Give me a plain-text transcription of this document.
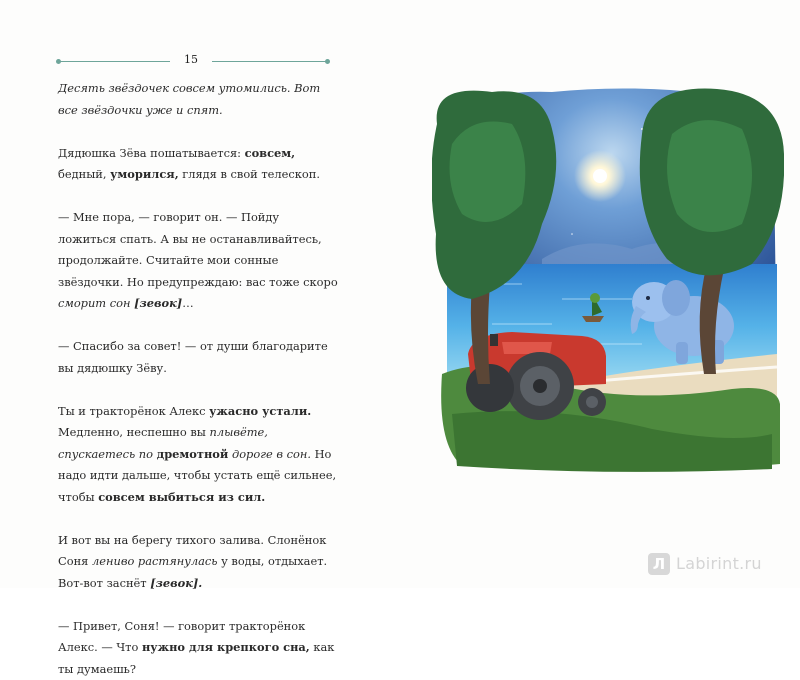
15

Десять звёздочек совсем утомились. Вот все звёздочки уже и спят.

Дядюшка Зёва пошатывается: совсем, бедный, уморился, глядя в свой телескоп.

— Мне пора, — говорит он. — Пойду ложиться спать. А вы не останавливайтесь, продолжайте. Считайте мои сонные звёздочки. Но предупреждаю: вас тоже скоро сморит сон [зевок]…

— Спасибо за совет! — от души благодарите вы дядюшку Зёву.

Ты и тракторёнок Алекс ужасно устали. Медленно, неспешно вы плывёте, спускаетесь по дремотной дороге в сон. Но надо идти дальше, чтобы устать ещё сильнее, чтобы совсем выбиться из сил.

И вот вы на берегу тихого залива. Слонёнок Соня лениво растянулась у воды, отдыхает. Вот-вот заснёт [зевок].

— Привет, Соня! — говорит тракторёнок Алекс. — Что нужно для крепкого сна, как ты думаешь?

Л Labirint.ru
